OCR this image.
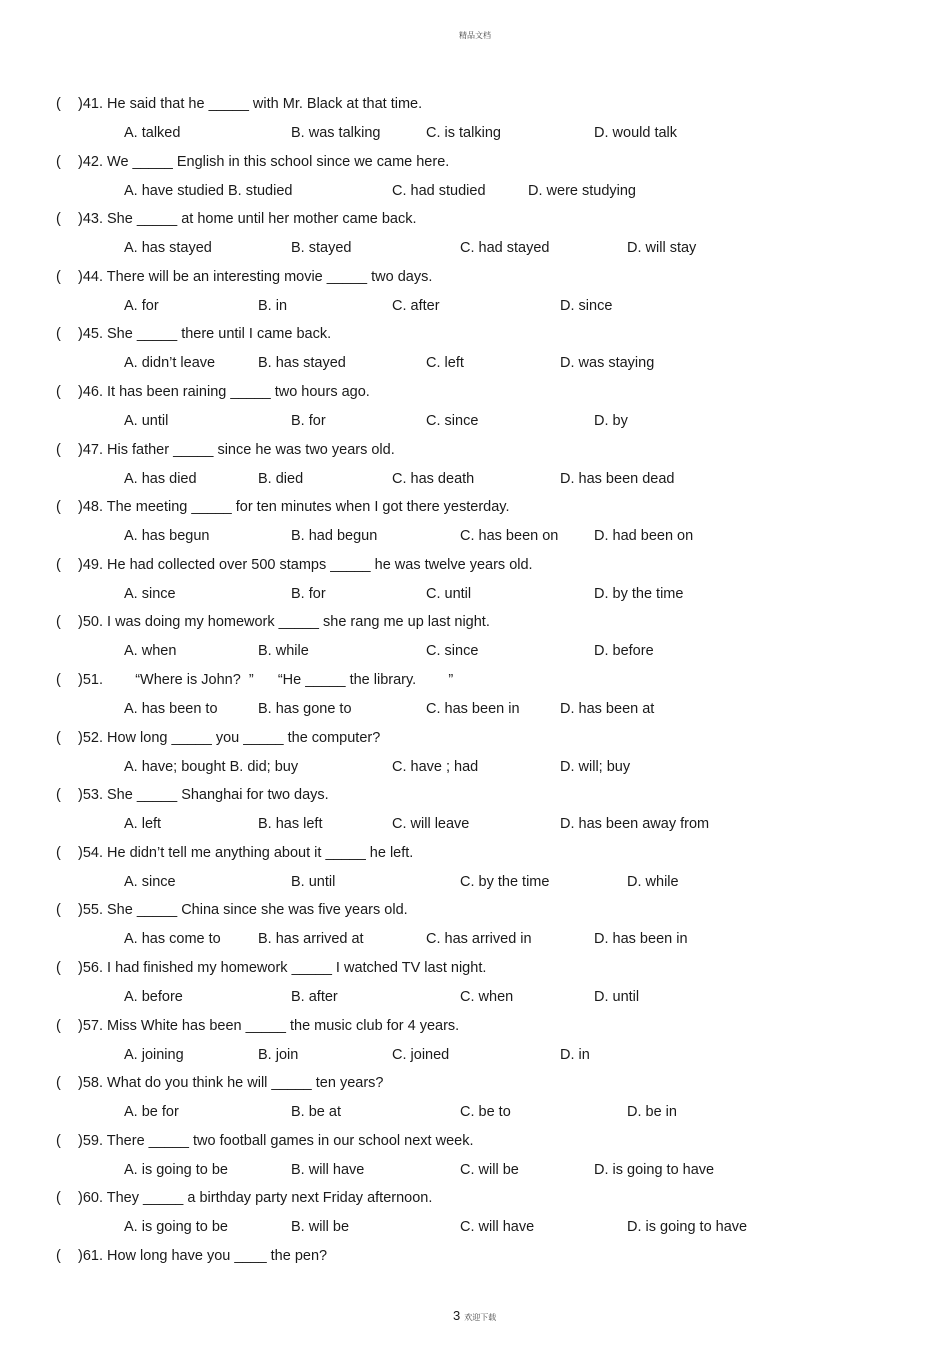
精品文档
( )41. He said that he _____ with Mr. Black at that time.
A. talked	B. was talking	C. is talking	D. would talk
( )42. We _____ English in this school since we came here.
A. have studied B. studied	C. had studied	D. were studying
( )43. She _____ at home until her mother came back.
A. has stayed	B. stayed	C. had stayed	D. will stay
( )44. There will be an interesting movie _____ two days.
A. for	B. in	C. after	D. since
( )45. She _____ there until I came back.
A. didn’t leave	B. has stayed	C. left	D. was staying
( )46. It has been raining _____ two hours ago.
A. until	B. for	C. since	D. by
( )47. His father _____ since he was two years old.
A. has died	B. died	C. has death	D. has been dead
( )48. The meeting _____ for ten minutes when I got there yesterday.
A. has begun	B. had begun	C. has been on D. had been on
( )49. He had collected over 500 stamps _____ he was twelve years old.
A. since	B. for	C. until	D. by the time
( )50. I was doing my homework _____ she rang me up last night.
A. when	B. while	C. since	D. before
( )51.        “Where is John?  ”      “He _____ the library.        ”
A. has been to	B. has gone to	C. has been in	D. has been at
( )52. How long _____ you _____ the computer?
A. have; bought B. did; buy	C. have ; had	D. will; buy
( )53. She _____ Shanghai for two days.
A. left	B. has left	C. will leave	D. has been away from
( )54. He didn’t tell me anything about it _____ he left.
A. since	B. until	C. by the time	D. while
( )55. She _____ China since she was five years old.
A. has come to	B. has arrived at	C. has arrived in	D. has been in
( )56. I had finished my homework _____ I watched TV last night.
A. before	B. after	C. when	D. until
( )57. Miss White has been _____ the music club for 4 years.
A. joining	B. join	C. joined	D. in
( )58. What do you think he will _____ ten years?
A. be for	B. be at	C. be to	D. be in
( )59. There _____ two football games in our school next week.
A. is going to be	B. will have	C. will be	D. is going to have
( )60. They _____ a birthday party next Friday afternoon.
A. is going to be	B. will be	C. will have	D. is going to have
( )61. How long have you ____ the pen?
3 欢迎下载
